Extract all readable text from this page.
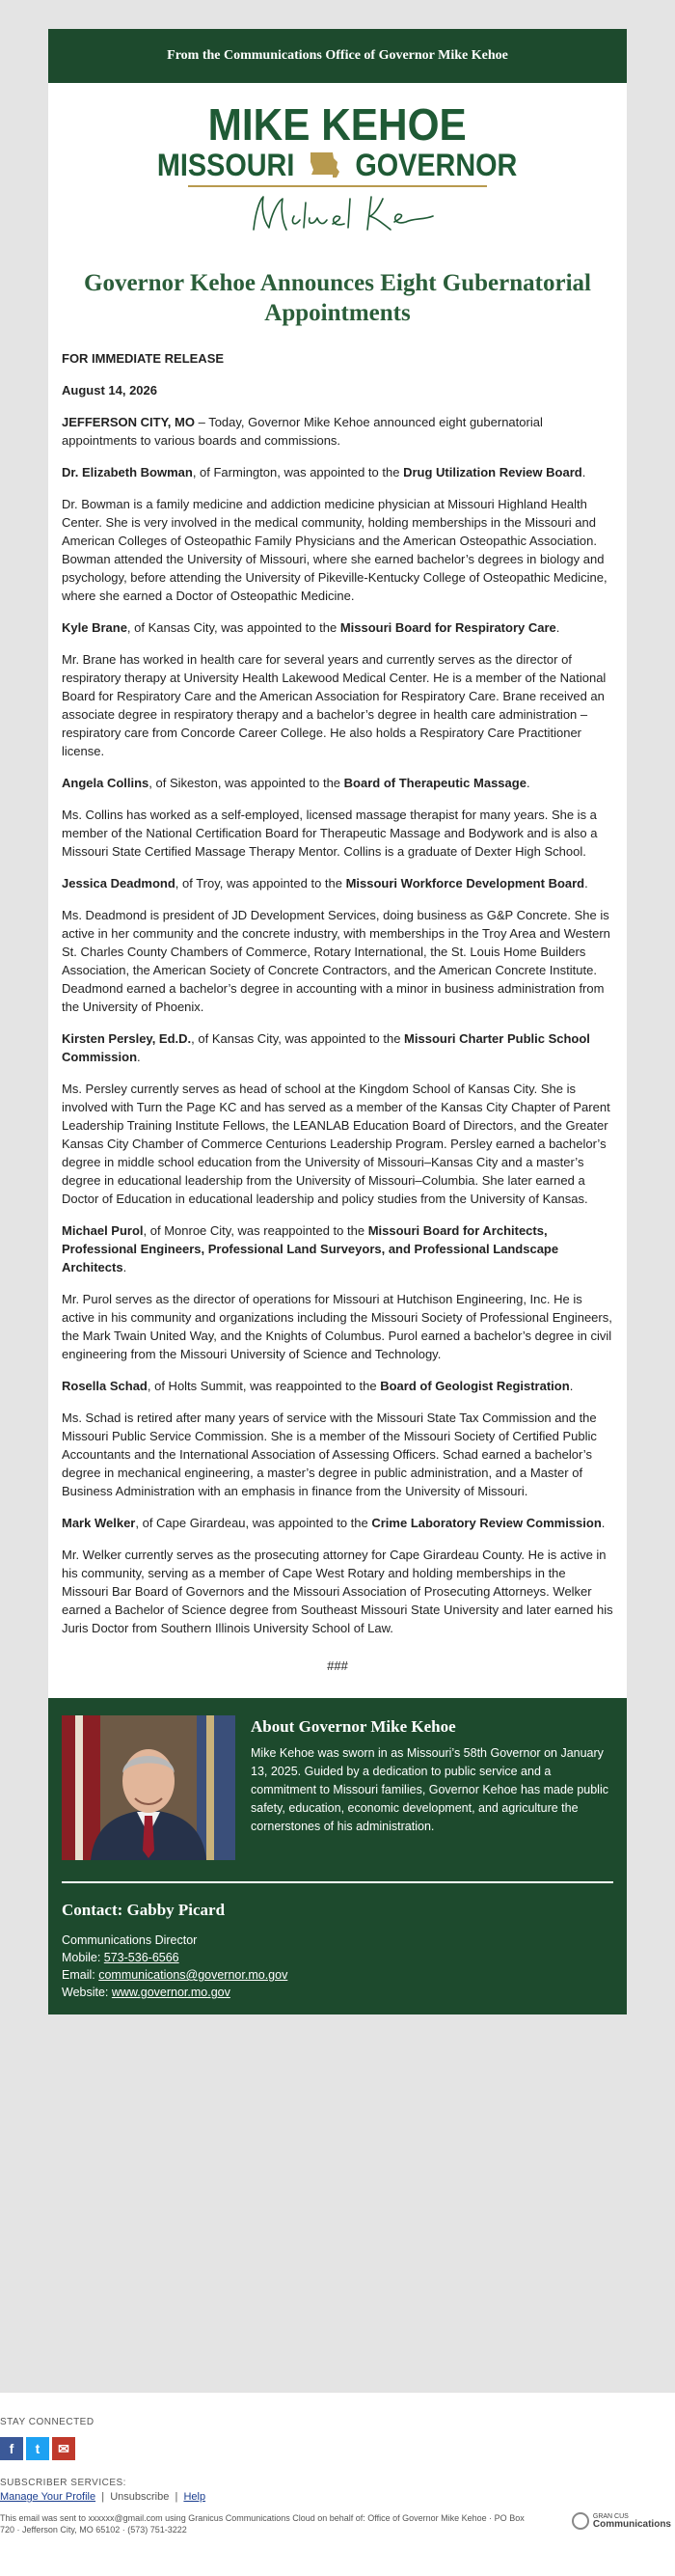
From the Communications Office of Governor Mike Kehoe
MIKE KEHOE
MISSOURI GOVERNOR
Governor Kehoe Announces Eight Gubernatorial Appointments

FOR IMMEDIATE RELEASE

August 14, 2026

JEFFERSON CITY, MO – Today, Governor Mike Kehoe announced eight gubernatorial appointments to various boards and commissions.

Dr. Elizabeth Bowman, of Farmington, was appointed to the Drug Utilization Review Board.

Dr. Bowman is a family medicine and addiction medicine physician at Missouri Highland Health Center. She is very involved in the medical community, holding memberships in the Missouri and American Colleges of Osteopathic Family Physicians and the American Osteopathic Association. Bowman attended the University of Missouri, where she earned bachelor’s degrees in biology and psychology, before attending the University of Pikeville-Kentucky College of Osteopathic Medicine, where she earned a Doctor of Osteopathic Medicine.

Kyle Brane, of Kansas City, was appointed to the Missouri Board for Respiratory Care.

Mr. Brane has worked in health care for several years and currently serves as the director of respiratory therapy at University Health Lakewood Medical Center. He is a member of the National Board for Respiratory Care and the American Association for Respiratory Care. Brane received an associate degree in respiratory therapy and a bachelor’s degree in health care administration – respiratory care from Concorde Career College. He also holds a Respiratory Care Practitioner license.

Angela Collins, of Sikeston, was appointed to the Board of Therapeutic Massage.

Ms. Collins has worked as a self-employed, licensed massage therapist for many years. She is a member of the National Certification Board for Therapeutic Massage and Bodywork and is also a Missouri State Certified Massage Therapy Mentor. Collins is a graduate of Dexter High School.

Jessica Deadmond, of Troy, was appointed to the Missouri Workforce Development Board.

Ms. Deadmond is president of JD Development Services, doing business as G&P Concrete. She is active in her community and the concrete industry, with memberships in the Troy Area and Western St. Charles County Chambers of Commerce, Rotary International, the St. Louis Home Builders Association, the American Society of Concrete Contractors, and the American Concrete Institute. Deadmond earned a bachelor’s degree in accounting with a minor in business administration from the University of Phoenix.

Kirsten Persley, Ed.D., of Kansas City, was appointed to the Missouri Charter Public School Commission.

Ms. Persley currently serves as head of school at the Kingdom School of Kansas City. She is involved with Turn the Page KC and has served as a member of the Kansas City Chapter of Parent Leadership Training Institute Fellows, the LEANLAB Education Board of Directors, and the Greater Kansas City Chamber of Commerce Centurions Leadership Program. Persley earned a bachelor’s degree in middle school education from the University of Missouri–Kansas City and a master’s degree in educational leadership from the University of Missouri–Columbia. She later earned a Doctor of Education in educational leadership and policy studies from the University of Kansas.

Michael Purol, of Monroe City, was reappointed to the Missouri Board for Architects, Professional Engineers, Professional Land Surveyors, and Professional Landscape Architects.

Mr. Purol serves as the director of operations for Missouri at Hutchison Engineering, Inc. He is active in his community and organizations including the Missouri Society of Professional Engineers, the Mark Twain United Way, and the Knights of Columbus. Purol earned a bachelor’s degree in civil engineering from the Missouri University of Science and Technology.

Rosella Schad, of Holts Summit, was reappointed to the Board of Geologist Registration.

Ms. Schad is retired after many years of service with the Missouri State Tax Commission and the Missouri Public Service Commission. She is a member of the Missouri Society of Certified Public Accountants and the International Association of Assessing Officers. Schad earned a bachelor’s degree in mechanical engineering, a master’s degree in public administration, and a Master of Business Administration with an emphasis in finance from the University of Missouri.

Mark Welker, of Cape Girardeau, was appointed to the Crime Laboratory Review Commission.

Mr. Welker currently serves as the prosecuting attorney for Cape Girardeau County. He is active in his community, serving as a member of Cape West Rotary and holding memberships in the Missouri Bar Board of Governors and the Missouri Association of Prosecuting Attorneys. Welker earned a Bachelor of Science degree from Southeast Missouri State University and later earned his Juris Doctor from Southern Illinois University School of Law.

###
About Governor Mike Kehoe
Mike Kehoe was sworn in as Missouri’s 58th Governor on January 13, 2025. Guided by a dedication to public service and a commitment to Missouri families, Governor Kehoe has made public safety, education, economic development, and agriculture the cornerstones of his administration.
Contact: Gabby Picard
Communications Director
Mobile: 573-536-6566
Email: communications@governor.mo.gov
Website: www.governor.mo.gov
STAY CONNECTED
f	t	✉
SUBSCRIBER SERVICES:
Manage Your Profile | Unsubscribe | Help
This email was sent to xxxxxx@gmail.com using Granicus Communications Cloud on behalf of: Office of Governor Mike Kehoe · PO Box 720 · Jefferson City, MO 65102 · (573) 751-3222
GRAN CUS
Communications
